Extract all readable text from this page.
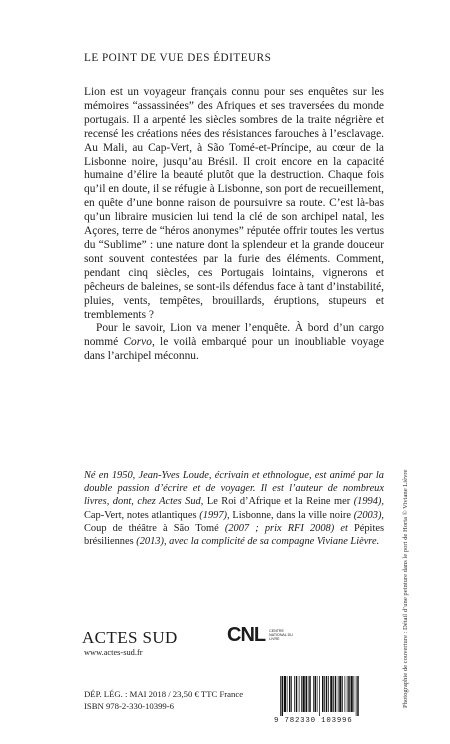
LE POINT DE VUE DES ÉDITEURS

Lion est un voyageur français connu pour ses enquêtes sur les mémoires “assassinées” des Afriques et ses traversées du monde portugais. Il a arpenté les siècles sombres de la traite négrière et recensé les créations nées des résistances farouches à l’esclavage. Au Mali, au Cap-Vert, à São Tomé-et-Príncipe, au cœur de la Lisbonne noire, jusqu’au Brésil. Il croit encore en la capacité humaine d’élire la beauté plutôt que la destruction. Chaque fois qu’il en doute, il se réfugie à Lisbonne, son port de recueillement, en quête d’une bonne raison de poursuivre sa route. C’est là-bas qu’un libraire musicien lui tend la clé de son archipel natal, les Açores, terre de “héros anonymes” réputée offrir toutes les vertus du “Sublime” : une nature dont la splendeur et la grande douceur sont souvent contestées par la furie des éléments. Comment, pendant cinq siècles, ces Portugais lointains, vignerons et pêcheurs de baleines, se sont-ils défendus face à tant d’instabilité, pluies, vents, tempêtes, brouillards, éruptions, stupeurs et tremblements ?

Pour le savoir, Lion va mener l’enquête. À bord d’un cargo nommé Corvo, le voilà embarqué pour un inoubliable voyage dans l’archipel méconnu.

Né en 1950, Jean-Yves Loude, écrivain et ethnologue, est animé par la double passion d’écrire et de voyager. Il est l’auteur de nombreux livres, dont, chez Actes Sud, Le Roi d’Afrique et la Reine mer (1994), Cap-Vert, notes atlantiques (1997), Lisbonne, dans la ville noire (2003), Coup de théâtre à São Tomé (2007 ; prix RFI 2008) et Pépites brésiliennes (2013), avec la complicité de sa compagne Viviane Lièvre.
ACTES SUD
www.actes-sud.fr
CNL CENTRE NATIONAL DU LIVRE
DÉP. LÉG. : MAI 2018 / 23,50 € TTC France
ISBN 978-2-330-10399-6
9 782330 103996
Photographie de couverture : Détail d’une peinture dans le port de Horta © Viviane Lièvre
